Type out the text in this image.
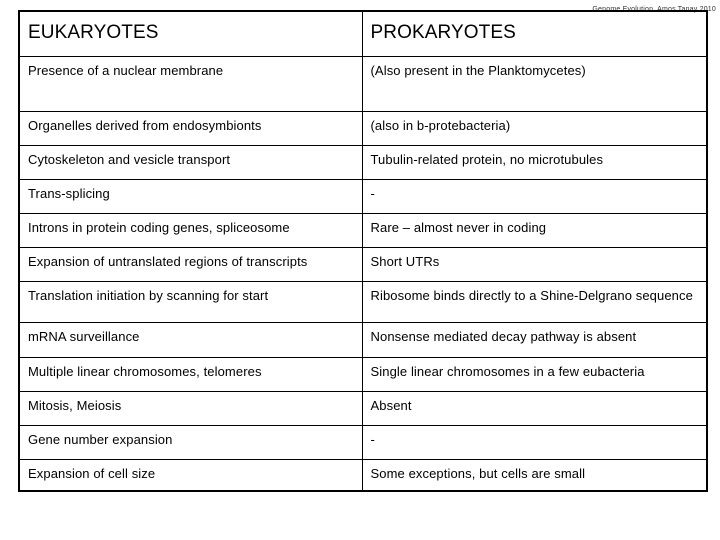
Genome Evolution. Amos Tanay 2010
EUKARYOTES	PROKARYOTES
Presence of a nuclear membrane	(Also present in the Planktomycetes)
Organelles derived from endosymbionts	(also in b-protebacteria)
Cytoskeleton and vesicle transport	Tubulin-related protein, no microtubules
Trans-splicing	-
Introns in protein coding genes, spliceosome	Rare – almost never in coding
Expansion of untranslated regions of transcripts	Short UTRs
Translation initiation by scanning for start	Ribosome binds directly to a Shine-Delgrano sequence
mRNA surveillance	Nonsense mediated decay pathway is absent
Multiple linear chromosomes, telomeres	Single linear chromosomes in a few eubacteria
Mitosis, Meiosis	Absent
Gene number expansion	-
Expansion of cell size	Some exceptions, but cells are small
